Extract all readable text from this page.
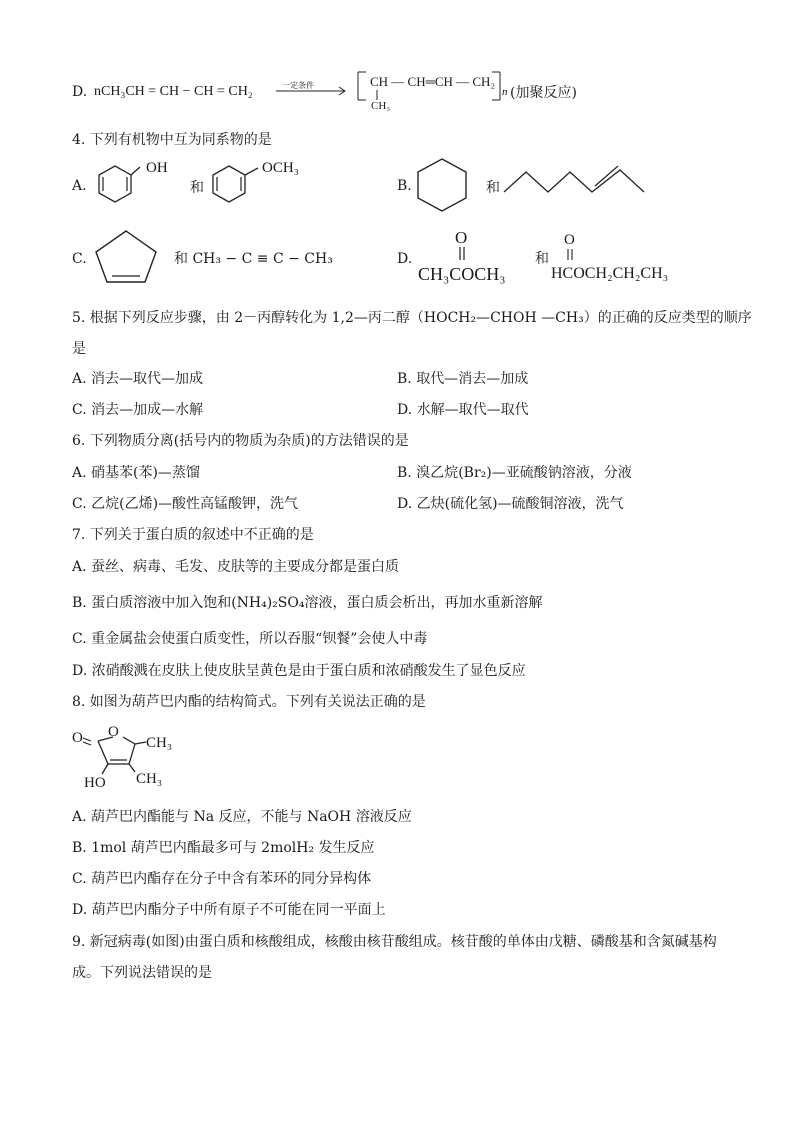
D. nCH₃CH = CH − CH = CH₂	一定条件	CH — CH═CH — CH₂
CH₃
n (加聚反应)
4. 下列有机物中互为同系物的是
A.
OH
和
OCH₃
B.	和
C.	和 CH₃ − C ≡ C − CH₃	D.
O
CH₃COCH₃
和
O
HCOCH₂CH₂CH₃
5. 根据下列反应步骤，由 2－丙醇转化为 1,2—丙二醇（HOCH₂—CHOH —CH₃）的正确的反应类型的顺序
是
A. 消去—取代—加成	B. 取代—消去—加成
C. 消去—加成—水解	D. 水解—取代—取代
6. 下列物质分离(括号内的物质为杂质)的方法错误的是
A. 硝基苯(苯)—蒸馏	B. 溴乙烷(Br₂)—亚硫酸钠溶液，分液
C. 乙烷(乙烯)—酸性高锰酸钾，洗气	D. 乙炔(硫化氢)—硫酸铜溶液，洗气
7. 下列关于蛋白质的叙述中不正确的是
A. 蚕丝、病毒、毛发、皮肤等的主要成分都是蛋白质
B. 蛋白质溶液中加入饱和(NH₄)₂SO₄溶液，蛋白质会析出，再加水重新溶解
C. 重金属盐会使蛋白质变性，所以吞服“钡餐”会使人中毒
D. 浓硝酸溅在皮肤上使皮肤呈黄色是由于蛋白质和浓硝酸发生了显色反应
8. 如图为葫芦巴内酯的结构简式。下列有关说法正确的是
O O
CH₃
CH₃
HO
A. 葫芦巴内酯能与 Na 反应，不能与 NaOH 溶液反应
B. 1mol 葫芦巴内酯最多可与 2molH₂ 发生反应
C. 葫芦巴内酯存在分子中含有苯环的同分异构体
D. 葫芦巴内酯分子中所有原子不可能在同一平面上
9. 新冠病毒(如图)由蛋白质和核酸组成，核酸由核苷酸组成。核苷酸的单体由戊糖、磷酸基和含氮碱基构
成。下列说法错误的是
